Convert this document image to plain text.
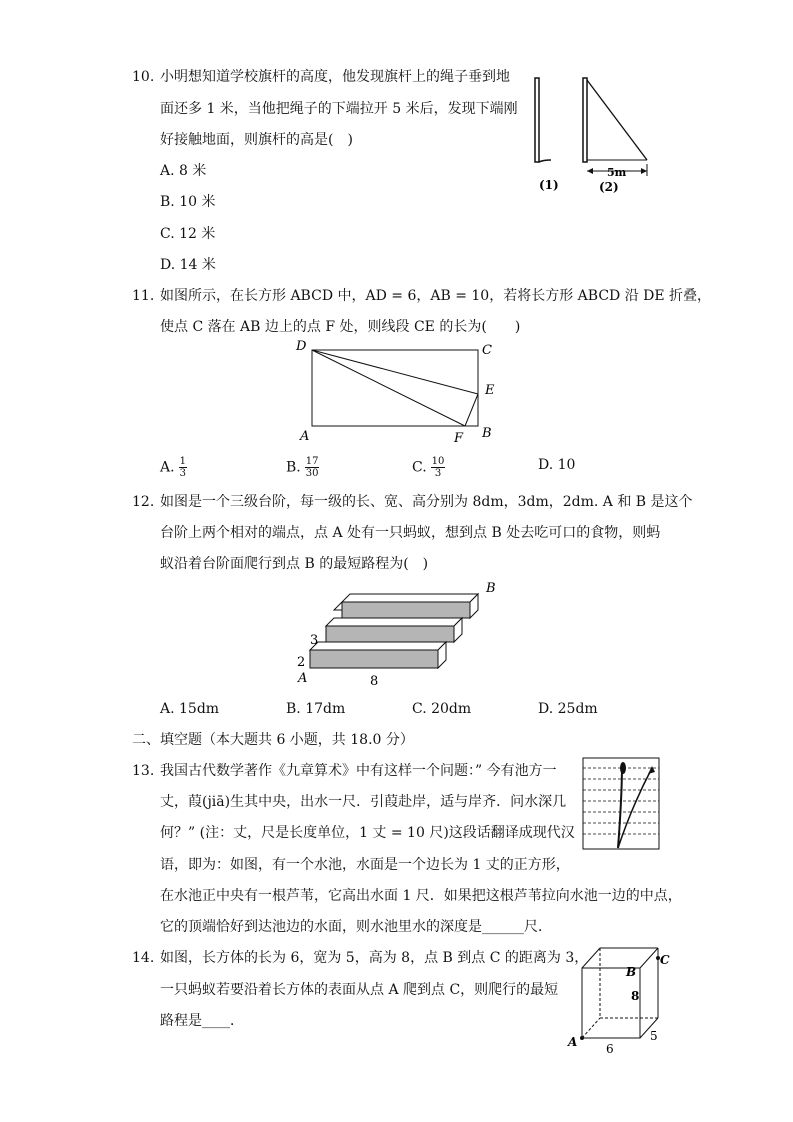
10. 小明想知道学校旗杆的高度，他发现旗杆上的绳子垂到地
面还多 1 米，当他把绳子的下端拉开 5 米后，发现下端刚
好接触地面，则旗杆的高是(　)
A. 8 米
B. 10 米
C. 12 米
D. 14 米
5m
(1)	(2)
11. 如图所示，在长方形 ABCD 中，AD = 6，AB = 10，若将长方形 ABCD 沿 DE 折叠，
使点 C 落在 AB 边上的点 F 处，则线段 CE 的长为(　　)
D	C
E
A	F B
A. $\frac{1}{3}$	B. $\frac{17}{30}$	C. $\frac{10}{3}$	D. 10
12. 如图是一个三级台阶，每一级的长、宽、高分别为 8dm，3dm，2dm. A 和 B 是这个
台阶上两个相对的端点，点 A 处有一只蚂蚁，想到点 B 处去吃可口的食物，则蚂
蚁沿着台阶面爬行到点 B 的最短路程为(　)
B
3
2
A	8
A. 15dm	B. 17dm	C. 20dm	D. 25dm
二、填空题（本大题共 6 小题，共 18.0 分）
13. 我国古代数学著作《九章算术》中有这样一个问题：” 今有池方一
丈，葭(jiā)生其中央，出水一尺．引葭赴岸，适与岸齐．问水深几
何？” (注：丈，尺是长度单位，1 丈 = 10 尺)这段话翻译成现代汉
语，即为：如图，有一个水池，水面是一个边长为 1 丈的正方形，
在水池正中央有一根芦苇，它高出水面 1 尺．如果把这根芦苇拉向水池一边的中点，
它的顶端恰好到达池边的水面，则水池里水的深度是______尺．
14. 如图，长方体的长为 6，宽为 5，高为 8，点 B 到点 C 的距离为 3，
一只蚂蚁若要沿着长方体的表面从点 A 爬到点 C，则爬行的最短
路程是____．
C
B
8
A 6
5
